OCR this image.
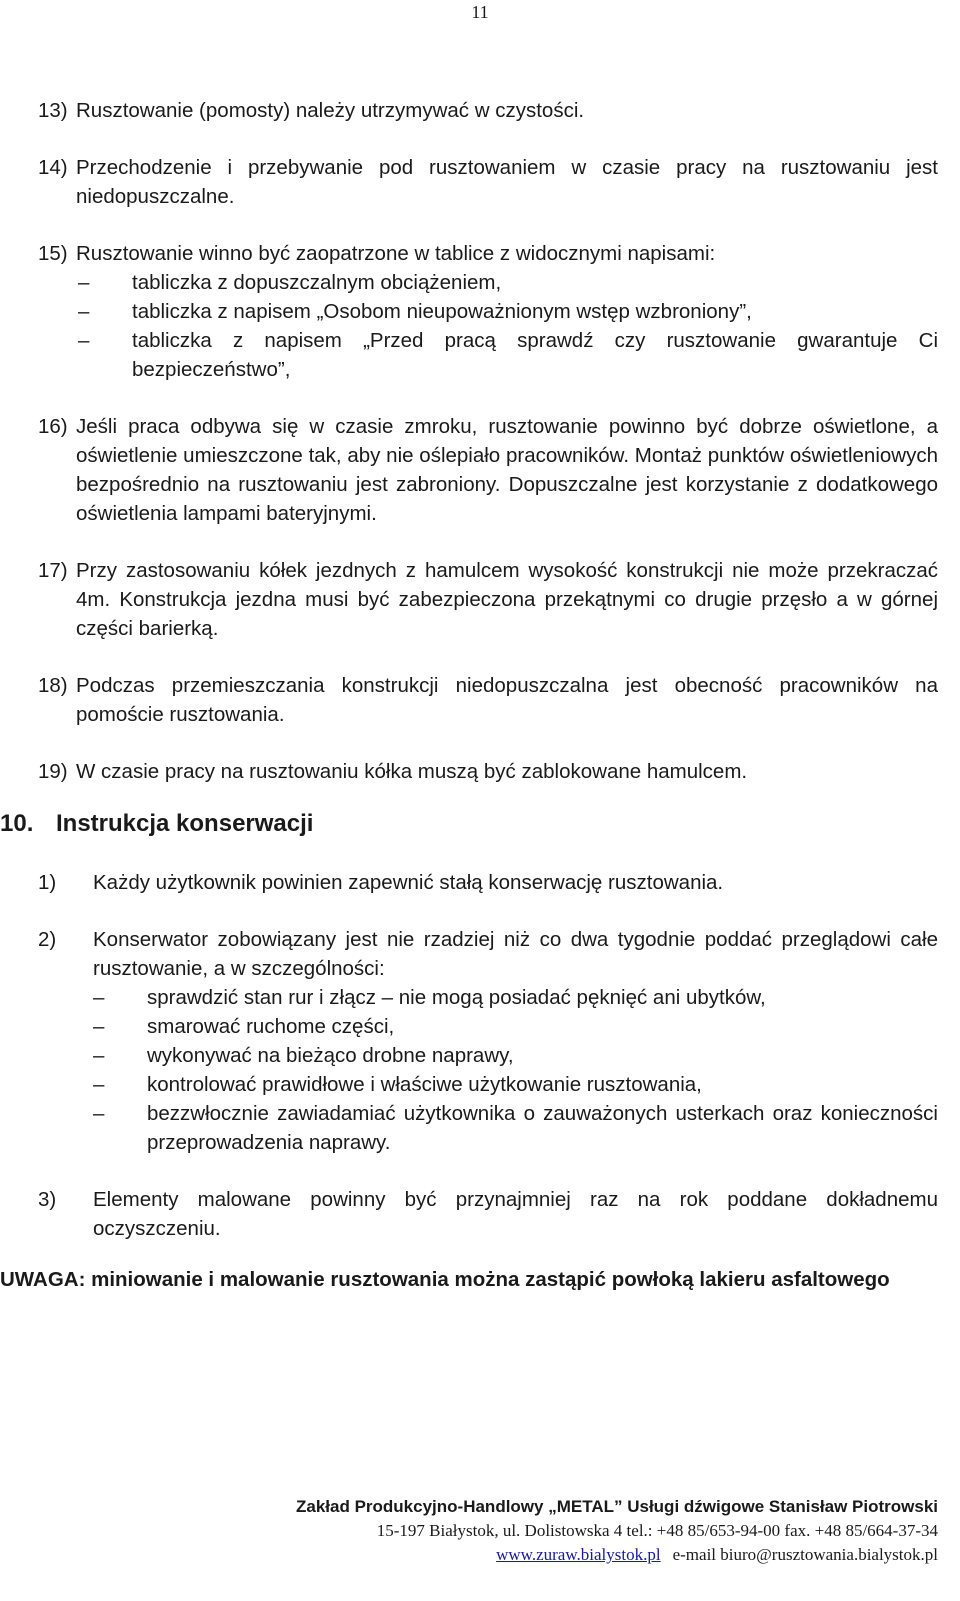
11
13) Rusztowanie (pomosty) należy utrzymywać w czystości.
14) Przechodzenie i przebywanie pod rusztowaniem w czasie pracy na rusztowaniu jest niedopuszczalne.
15) Rusztowanie winno być zaopatrzone w tablice z widocznymi napisami:
–	tabliczka z dopuszczalnym obciążeniem,
–	tabliczka z napisem „Osobom nieupoważnionym wstęp wzbroniony”,
–	tabliczka z napisem „Przed pracą sprawdź czy rusztowanie gwarantuje Ci bezpieczeństwo”,
16) Jeśli praca odbywa się w czasie zmroku, rusztowanie powinno być dobrze oświetlone, a oświetlenie umieszczone tak, aby nie oślepiało pracowników. Montaż punktów oświetleniowych bezpośrednio na rusztowaniu jest zabroniony. Dopuszczalne jest korzystanie z dodatkowego oświetlenia lampami bateryjnymi.
17) Przy zastosowaniu kółek jezdnych z hamulcem wysokość konstrukcji nie może przekraczać 4m. Konstrukcja jezdna musi być zabezpieczona przekątnymi co drugie przęsło a w górnej części barierką.
18) Podczas przemieszczania konstrukcji niedopuszczalna jest obecność pracowników na pomoście rusztowania.
19) W czasie pracy na rusztowaniu kółka muszą być zablokowane hamulcem.
10. Instrukcja konserwacji
1)	Każdy użytkownik powinien zapewnić stałą konserwację rusztowania.
2)	Konserwator zobowiązany jest nie rzadziej niż co dwa tygodnie poddać przeglądowi całe rusztowanie, a w szczególności:
–	sprawdzić stan rur i złącz – nie mogą posiadać pęknięć ani ubytków,
–	smarować ruchome części,
–	wykonywać na bieżąco drobne naprawy,
–	kontrolować prawidłowe i właściwe użytkowanie rusztowania,
–	bezzwłocznie zawiadamiać użytkownika o zauważonych usterkach oraz konieczności przeprowadzenia naprawy.
3)	Elementy malowane powinny być przynajmniej raz na rok poddane dokładnemu oczyszczeniu.
UWAGA: miniowanie i malowanie rusztowania można zastąpić powłoką lakieru asfaltowego
Zakład Produkcyjno-Handlowy „METAL” Usługi dźwigowe Stanisław Piotrowski
15-197 Białystok, ul. Dolistowska 4 tel.: +48 85/653-94-00 fax. +48 85/664-37-34
www.zuraw.bialystok.pl e-mail biuro@rusztowania.bialystok.pl
